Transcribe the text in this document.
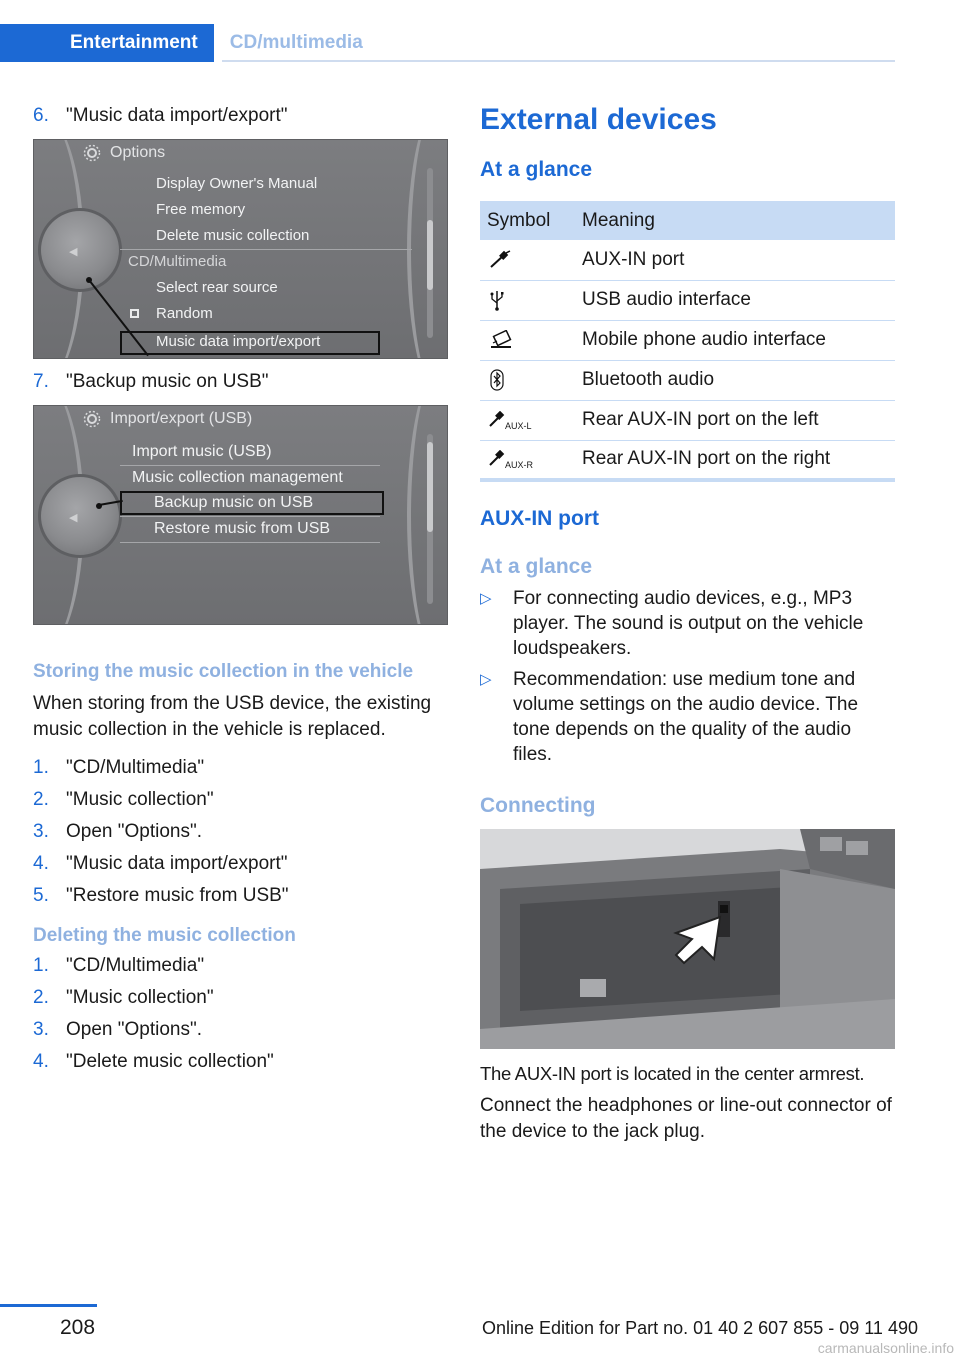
Entertainment	CD/multimedia
6. "Music data import/export"
◀
Options
Display Owner's Manual
Free memory
Delete music collection
CD/Multimedia
Select rear source
Random
Music data import/export
7. "Backup music on USB"
◀
Import/export (USB)
Import music (USB)
Music collection management
Backup music on USB
Restore music from USB
Storing the music collection in the vehicle
When storing from the USB device, the existing music collection in the vehicle is replaced.
1. "CD/Multimedia"
2. "Music collection"
3. Open "Options".
4. "Music data import/export"
5. "Restore music from USB"
Deleting the music collection
1. "CD/Multimedia"
2. "Music collection"
3. Open "Options".
4. "Delete music collection"
External devices
At a glance
Symbol	Meaning
	AUX-IN port
	USB audio interface
	Mobile phone audio interface
	Bluetooth audio
AUX-L	Rear AUX-IN port on the left
AUX-R	Rear AUX-IN port on the right
AUX-IN port
At a glance
▷	For connecting audio devices, e.g., MP3 player. The sound is output on the vehicle loudspeakers.
▷	Recommendation: use medium tone and volume settings on the audio device. The tone depends on the quality of the audio files.
Connecting
The AUX-IN port is located in the center armrest.
Connect the headphones or line-out connector of the device to the jack plug.
208	Online Edition for Part no. 01 40 2 607 855 - 09 11 490
carmanualsonline.info
